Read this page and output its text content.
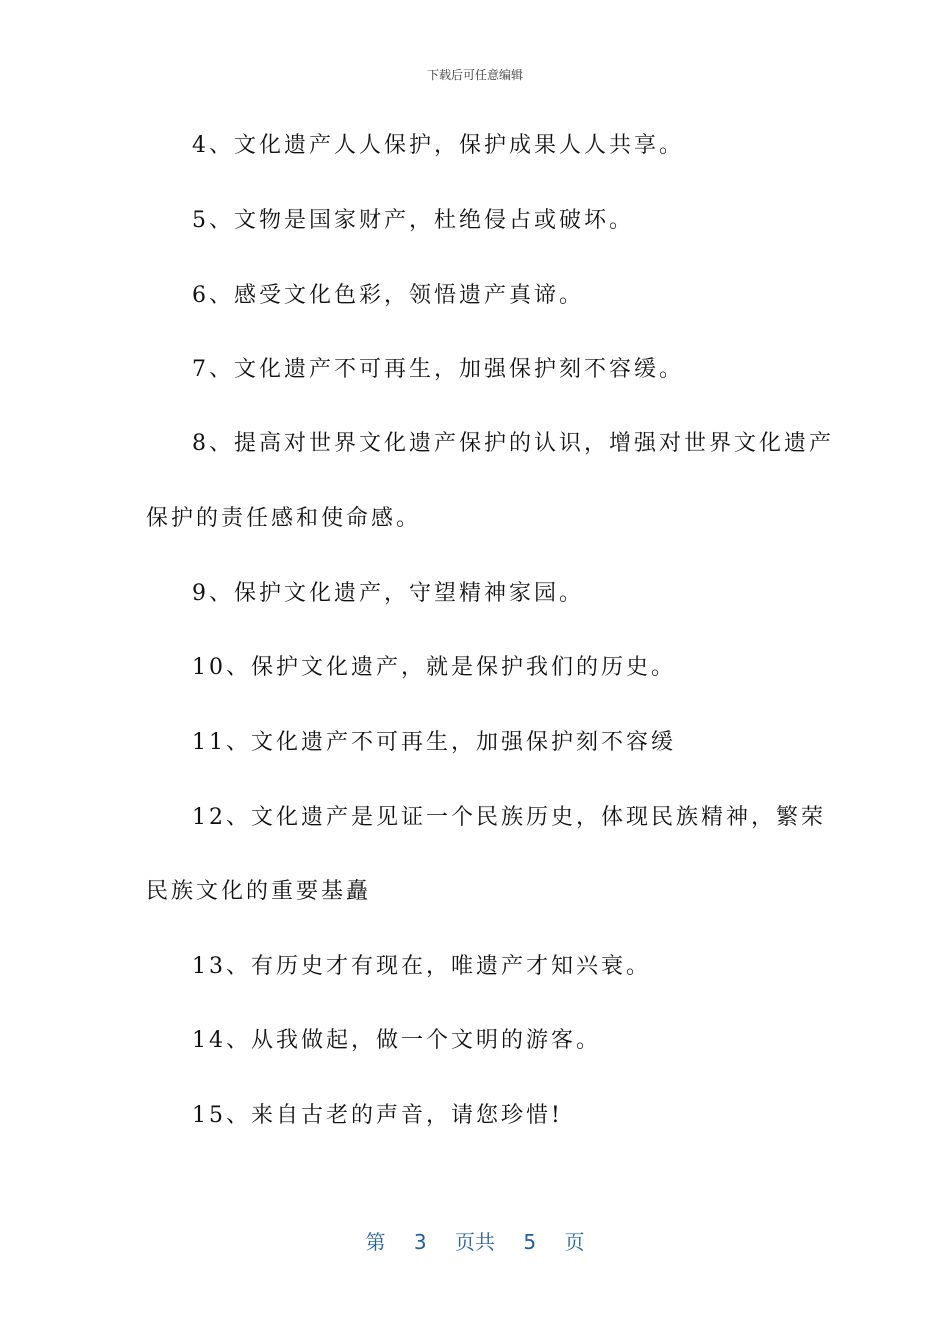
下载后可任意编辑
4、文化遗产人人保护，保护成果人人共享。
5、文物是国家财产，杜绝侵占或破坏。
6、感受文化色彩，领悟遗产真谛。
7、文化遗产不可再生，加强保护刻不容缓。
8、提高对世界文化遗产保护的认识，增强对世界文化遗产
保护的责任感和使命感。
9、保护文化遗产，守望精神家园。
10、保护文化遗产，就是保护我们的历史。
11、文化遗产不可再生，加强保护刻不容缓
12、文化遗产是见证一个民族历史，体现民族精神，繁荣
民族文化的重要基矗
13、有历史才有现在，唯遗产才知兴衰。
14、从我做起，做一个文明的游客。
15、来自古老的声音，请您珍惜!
第 3 页共 5 页
